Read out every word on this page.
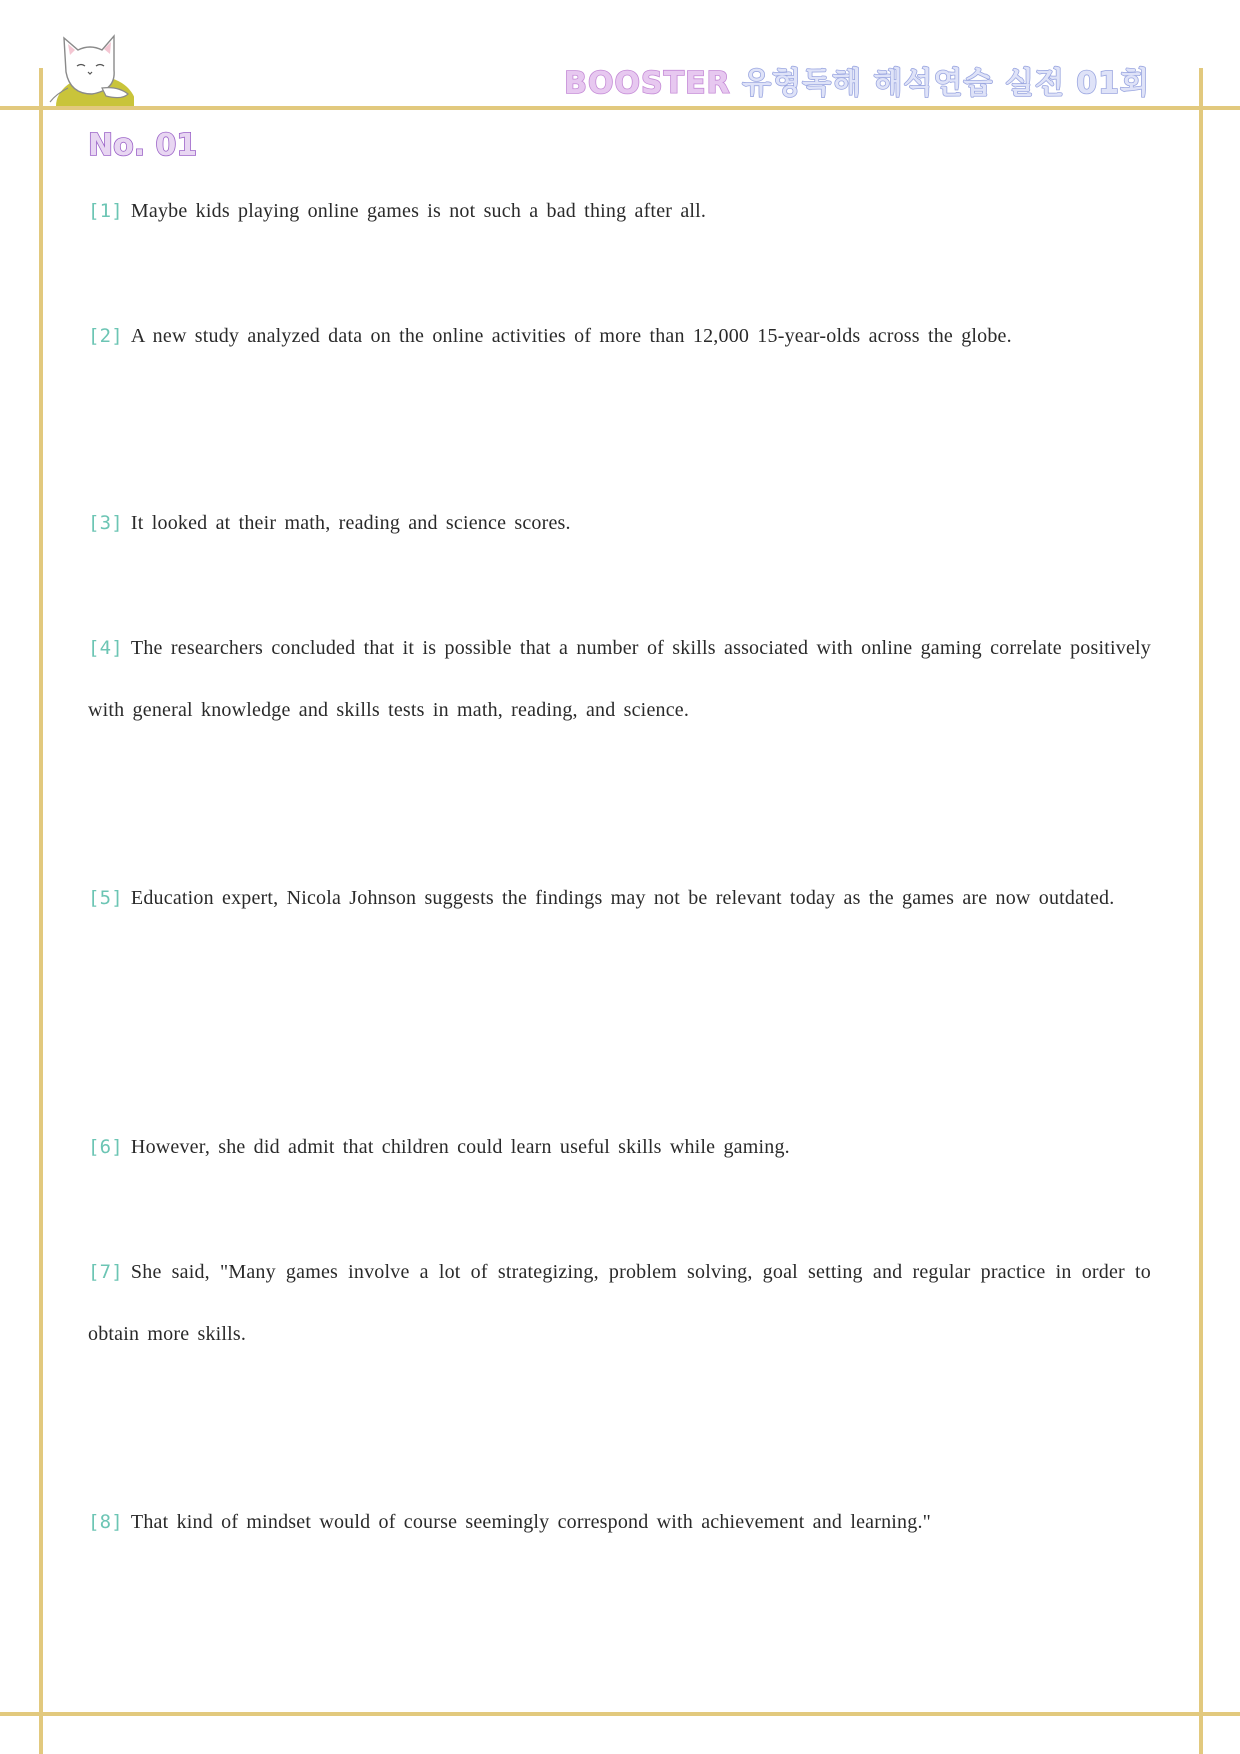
BOOSTER 유형독해 해석연습 실전 01회
No. 01
[1] Maybe kids playing online games is not such a bad thing after all.
[2] A new study analyzed data on the online activities of more than 12,000 15-year-olds across the globe.
[3] It looked at their math, reading and science scores.
[4] The researchers concluded that it is possible that a number of skills associated with online gaming correlate positively with general knowledge and skills tests in math, reading, and science.
[5] Education expert, Nicola Johnson suggests the findings may not be relevant today as the games are now outdated.
[6] However, she did admit that children could learn useful skills while gaming.
[7] She said, "Many games involve a lot of strategizing, problem solving, goal setting and regular practice in order to obtain more skills.
[8] That kind of mindset would of course seemingly correspond with achievement and learning."
